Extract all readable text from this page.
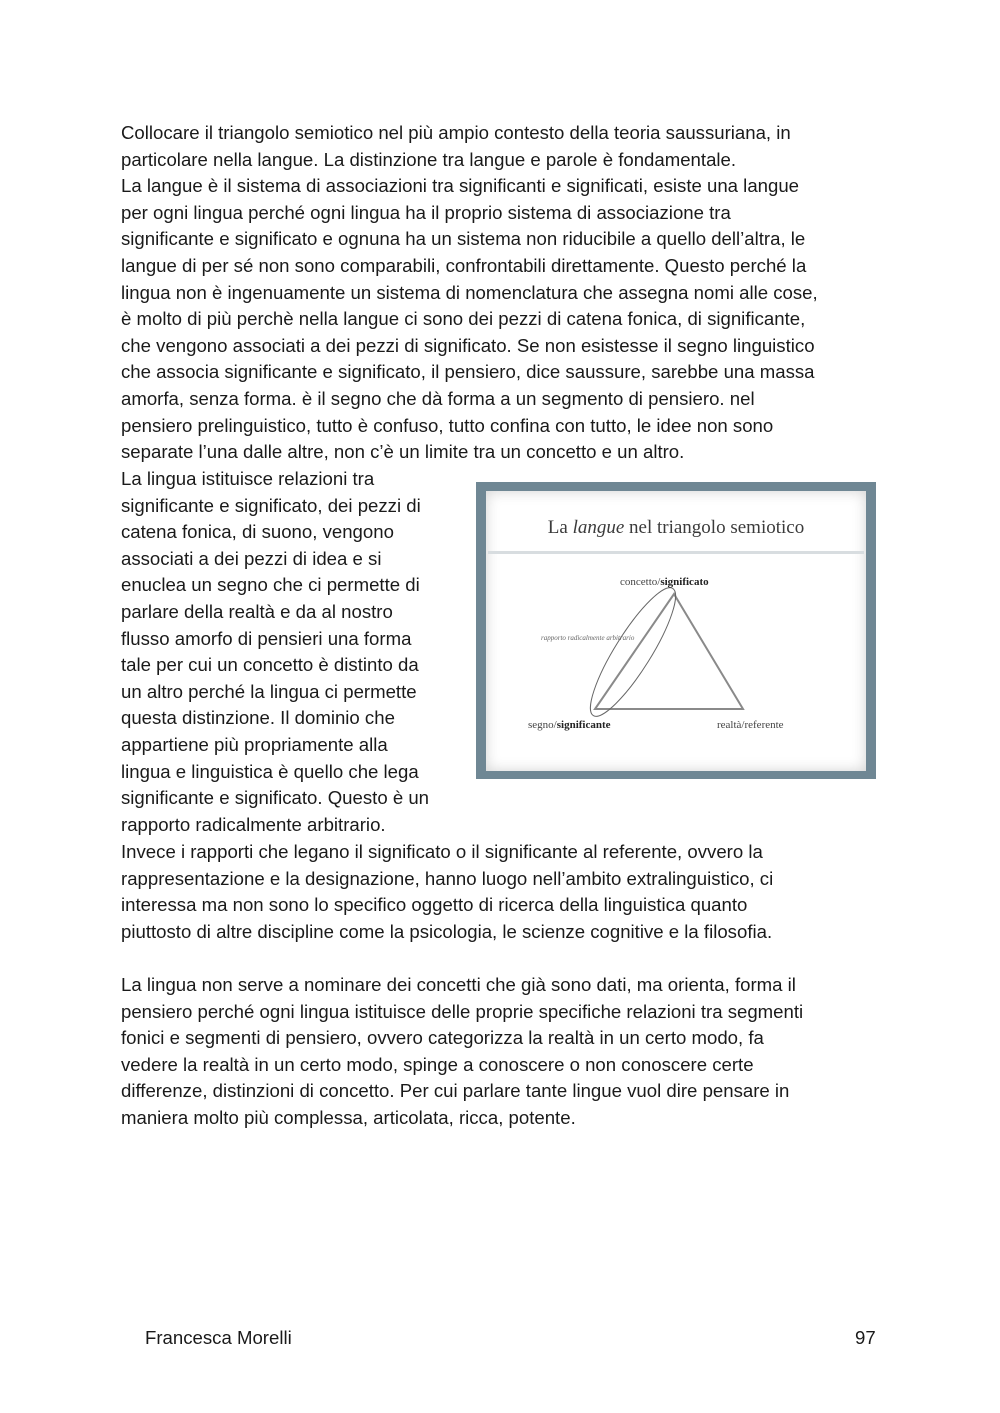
Collocare il triangolo semiotico nel più ampio contesto della teoria saussuriana, in
particolare nella langue. La distinzione tra langue e parole è fondamentale.
La langue è il sistema di associazioni tra significanti e significati, esiste una langue
per ogni lingua perché ogni lingua ha il proprio sistema di associazione tra
significante e significato e ognuna ha un sistema non riducibile a quello dell’altra, le
langue di per sé non sono comparabili, confrontabili direttamente. Questo perché la
lingua non è ingenuamente un sistema di nomenclatura che assegna nomi alle cose,
è molto di più perchè nella langue ci sono dei pezzi di catena fonica, di significante,
che vengono associati a dei pezzi di significato. Se non esistesse il segno linguistico
che associa significante e significato, il pensiero, dice saussure, sarebbe una massa
amorfa, senza forma. è il segno che dà forma a un segmento di pensiero. nel
pensiero prelinguistico, tutto è confuso, tutto confina con tutto, le idee non sono
separate l’una dalle altre, non c’è un limite tra un concetto e un altro.
La lingua istituisce relazioni tra
significante e significato, dei pezzi di
catena fonica, di suono, vengono
associati a dei pezzi di idea e si
enuclea un segno che ci permette di
parlare della realtà e da al nostro
flusso amorfo di pensieri una forma
tale per cui un concetto è distinto da
un altro perché la lingua ci permette
questa distinzione. Il dominio che
appartiene più propriamente alla
lingua e linguistica è quello che lega
significante e significato. Questo è un
rapporto radicalmente arbitrario.
La langue nel triangolo semiotico
concetto/significato
segno/significante	realtà/referente
rapporto radicalmente arbitrario
Invece i rapporti che legano il significato o il significante al referente, ovvero la
rappresentazione e la designazione, hanno luogo nell’ambito extralinguistico, ci
interessa ma non sono lo specifico oggetto di ricerca della linguistica quanto
piuttosto di altre discipline come la psicologia, le scienze cognitive e la filosofia.
La lingua non serve a nominare dei concetti che già sono dati, ma orienta, forma il
pensiero perché ogni lingua istituisce delle proprie specifiche relazioni tra segmenti
fonici e segmenti di pensiero, ovvero categorizza la realtà in un certo modo, fa
vedere la realtà in un certo modo, spinge a conoscere o non conoscere certe
differenze, distinzioni di concetto. Per cui parlare tante lingue vuol dire pensare in
maniera molto più complessa, articolata, ricca, potente.
Francesca Morelli	97
